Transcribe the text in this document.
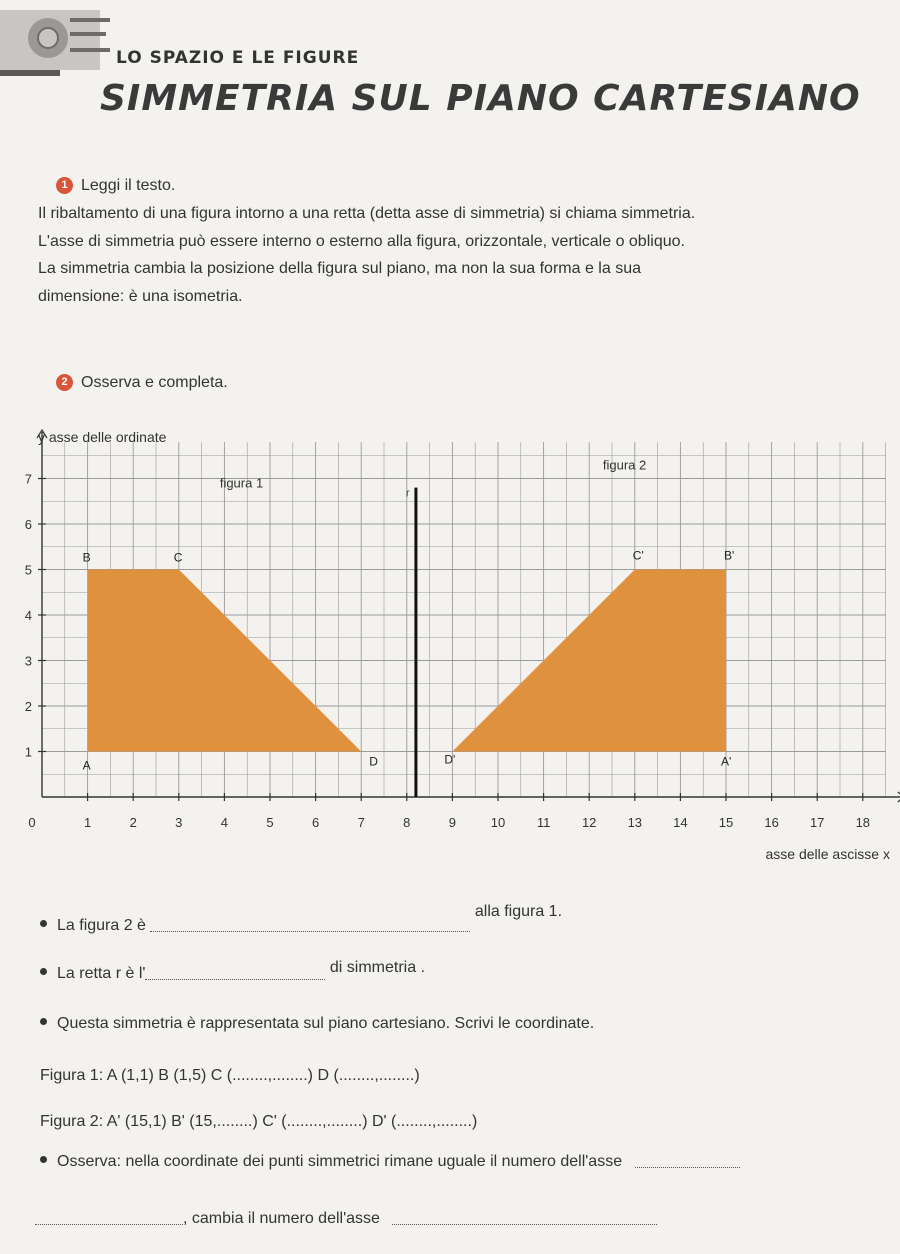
LO SPAZIO E LE FIGURE
SIMMETRIA SUL PIANO CARTESIANO
1 Leggi il testo.

Il ribaltamento di una figura intorno a una retta (detta asse di simmetria) si chiama simmetria.

L'asse di simmetria può essere interno o esterno alla figura, orizzontale, verticale o obliquo.

La simmetria cambia la posizione della figura sul piano, ma non la sua forma e la sua

dimensione: è una isometria.

2 Osserva e completa.
r
0	1	2	3	4	5	6	7	8	9	10 11 12 13 14 15 16 17 18
1
2
3
4
5
6
7
y asse delle ordinate
asse delle ascisse x
figura 1
figura 2
A
B	C
D	A'
B'
C'
D'
La figura 2 è  alla figura 1.
La retta r è l'	di simmetria .
Questa simmetria è rappresentata sul piano cartesiano. Scrivi le coordinate.
Figura 1: A (1,1) B (1,5) C (........,........) D (........,........)
Figura 2: A' (15,1) B' (15,........) C' (........,........) D' (........,........)
Osserva: nella coordinate dei punti simmetrici rimane uguale il numero dell'asse
, cambia il numero dell'asse
